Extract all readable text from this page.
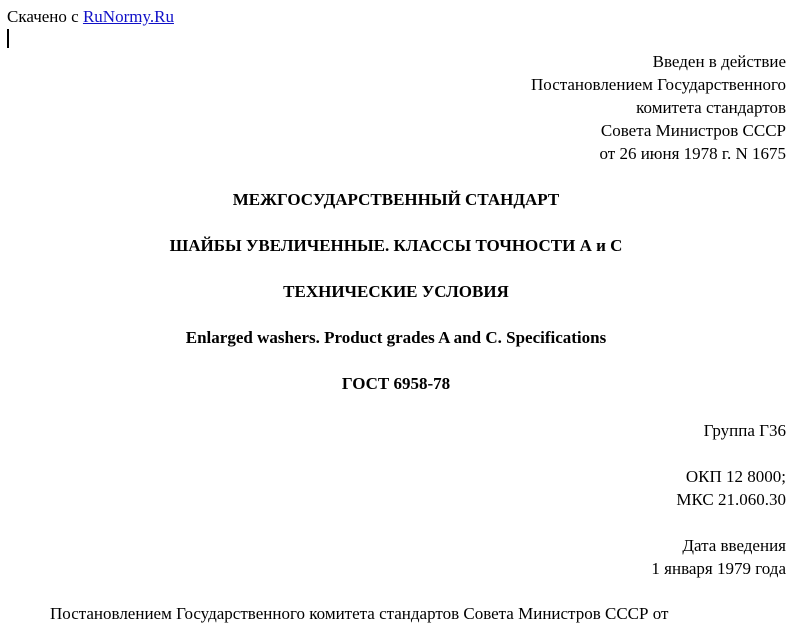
Скачено с RuNormy.Ru
Введен в действие
Постановлением Государственного
комитета стандартов
Совета Министров СССР
от 26 июня 1978 г. N 1675
МЕЖГОСУДАРСТВЕННЫЙ СТАНДАРТ
ШАЙБЫ УВЕЛИЧЕННЫЕ. КЛАССЫ ТОЧНОСТИ А и С
ТЕХНИЧЕСКИЕ УСЛОВИЯ
Enlarged washers. Product grades A and C. Specifications
ГОСТ 6958-78
Группа Г36
ОКП 12 8000;
МКС 21.060.30
Дата введения
1 января 1979 года
Постановлением Государственного комитета стандартов Совета Министров СССР от
